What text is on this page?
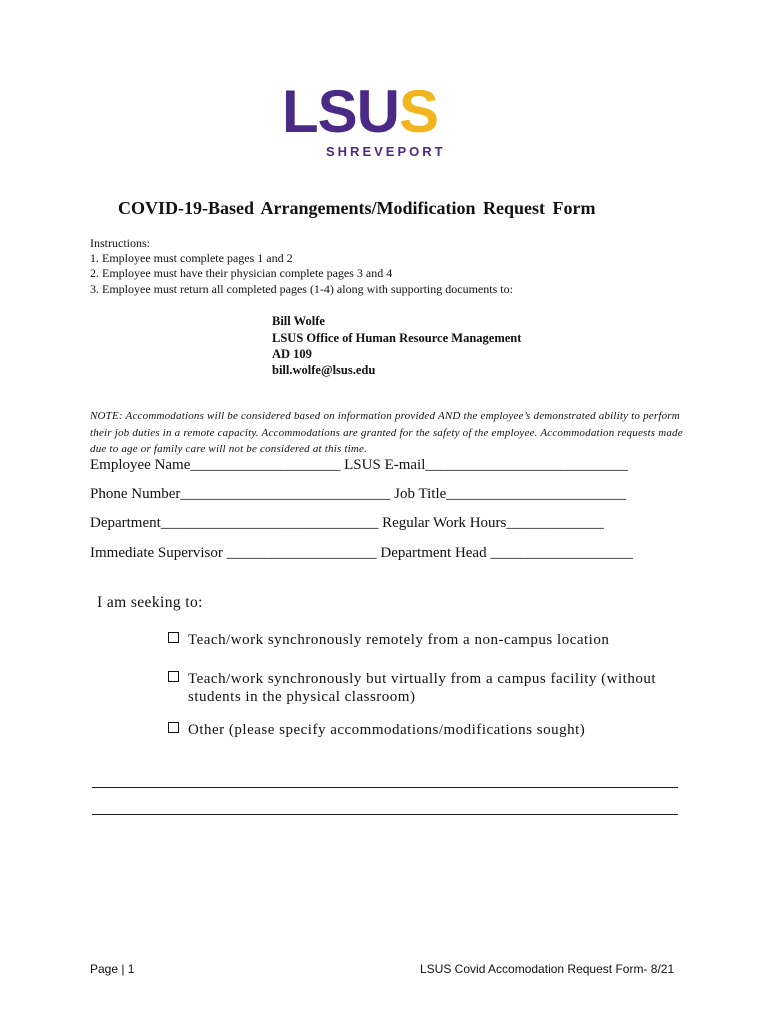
LSUS
SHREVEPORT
COVID-19-Based Arrangements/Modification Request Form
Instructions:
1. Employee must complete pages 1 and 2
2. Employee must have their physician complete pages 3 and 4
3. Employee must return all completed pages (1-4) along with supporting documents to:
Bill Wolfe
LSUS Office of Human Resource Management
AD 109
bill.wolfe@lsus.edu

NOTE: Accommodations will be considered based on information provided AND the employee’s demonstrated ability to perform their job duties in a remote capacity. Accommodations are granted for the safety of the employee. Accommodation requests made due to age or family care will not be considered at this time.

Employee Name____________________ LSUS E-mail___________________________
Phone Number____________________________ Job Title________________________
Department_____________________________ Regular Work Hours_____________
Immediate Supervisor ____________________ Department Head ___________________
I am seeking to:
Teach/work synchronously remotely from a non-campus location
Teach/work synchronously but virtually from a campus facility (without
students in the physical classroom)
Other (please specify accommodations/modifications sought)
Page | 1	LSUS Covid Accomodation Request Form- 8/21
